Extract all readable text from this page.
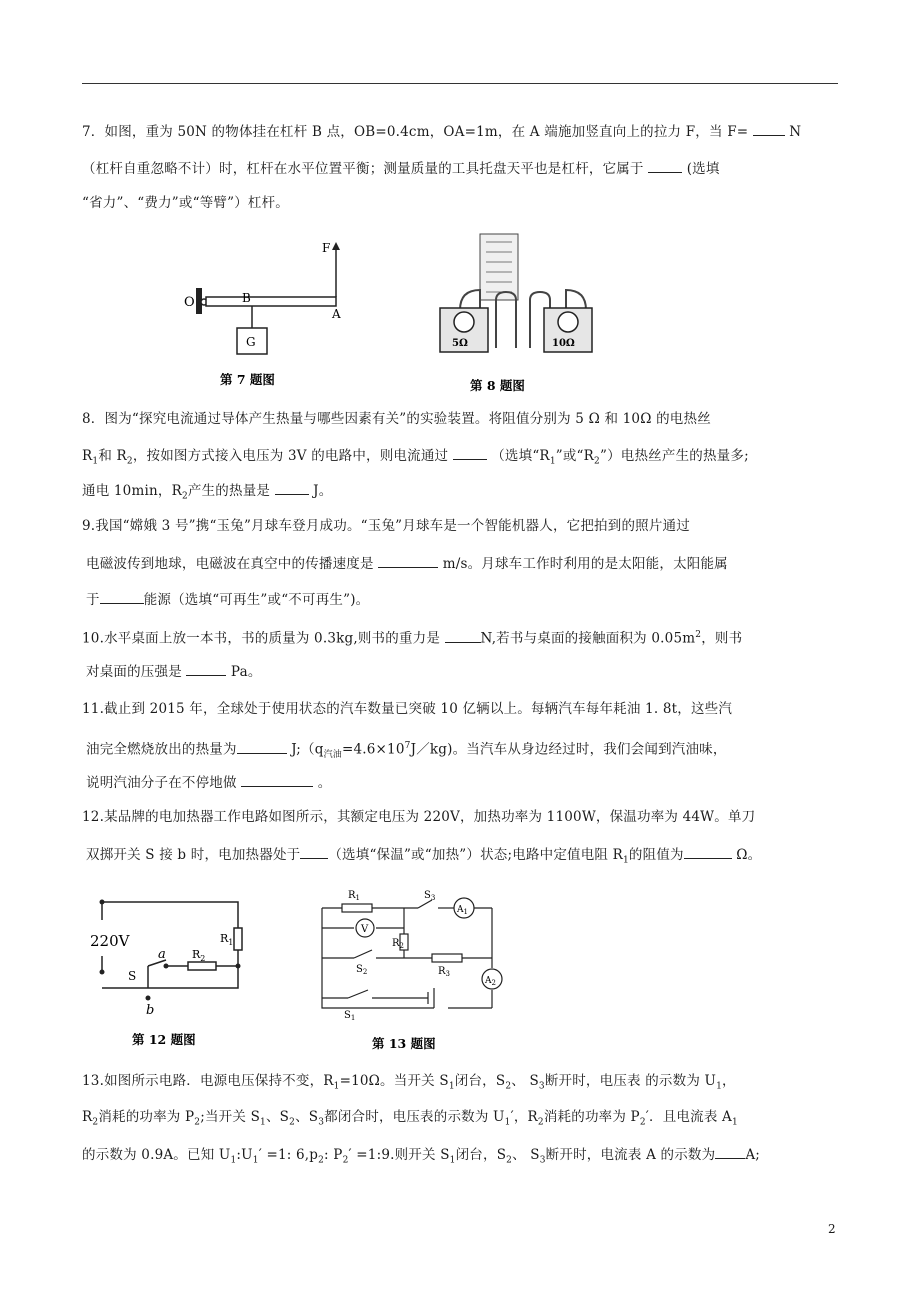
7．如图，重为 50N 的物体挂在杠杆 B 点，OB=0.4cm，OA=1m，在 A 端施加竖直向上的拉力 F，当 F=	N
（杠杆自重忽略不计）时，杠杆在水平位置平衡；测量质量的工具托盘天平也是杠杆，它属于	(选填
“省力”、“费力”或“等臂”）杠杆。
O	B
G
F
A
第 7 题图
5Ω	10Ω
第 8 题图
8．图为“探究电流通过导体产生热量与哪些因素有关”的实验装置。将阻值分别为 5 Ω 和 10Ω 的电热丝
$R_1$和 $R_2$，按如图方式接入电压为 3V 的电路中，则电流通过	（选填“$R_1$”或“$R_2$”）电热丝产生的热量多;
通电 10min，$R_2$产生的热量是	J。
9.我国“嫦娥 3 号”携“玉兔”月球车登月成功。“玉兔”月球车是一个智能机器人，它把拍到的照片通过
电磁波传到地球，电磁波在真空中的传播速度是	m/s。月球车工作时利用的是太阳能，太阳能属
于	能源（选填“可再生”或“不可再生”)。
10.水平桌面上放一本书，书的质量为 0.3kg,则书的重力是	N,若书与桌面的接触面积为 $0.05m^2$，则书
对桌面的压强是	Pa。
11.截止到 2015 年，全球处于使用状态的汽车数量已突破 10 亿辆以上。每辆汽车每年耗油 1. 8t，这些汽
油完全燃烧放出的热量为	$J;(q_{汽油}=4.6\times 10^7J/kg)$。当汽车从身边经过时，我们会闻到汽油味，
说明汽油分子在不停地做	。
12.某品牌的电加热器工作电路如图所示，其额定电压为 220V，加热功率为 1100W，保温功率为 44W。单刀
双掷开关 S 接 b 时，电加热器处于 （选填“保温”或“加热”）状态;电路中定值电阻 $R_1$的阻值为	Ω。
220V
S
a
b
$R_2$
$R_1$
第 12 题图
V
$A_1$
$A_2$
$R_1$	$S_3$
$R_2$
$R_3$
$S_2$
$S_1$
第 13 题图
13.如图所示电路．电源电压保持不变，$R_1=10\Omega$。当开关 $S_1$闭台，$S_2$、 $S_3$断开时，电压表 的示数为 $U_1$，
$R_2$消耗的功率为 $P_2$;当开关 $S_1$、$S_2$、$S_3$都闭合时，电压表的示数为 $U_1'$，$R_2$消耗的功率为 $P_2'$．且电流表 $A_1$
的示数为 0.9A。已知 $U_1:U_1' =1$: $6,p_2$: $P_2'$ =1:9.则开关 $S_1$闭台，$S_2$、 $S_3$断开时，电流表 A 的示数为 A;
2
